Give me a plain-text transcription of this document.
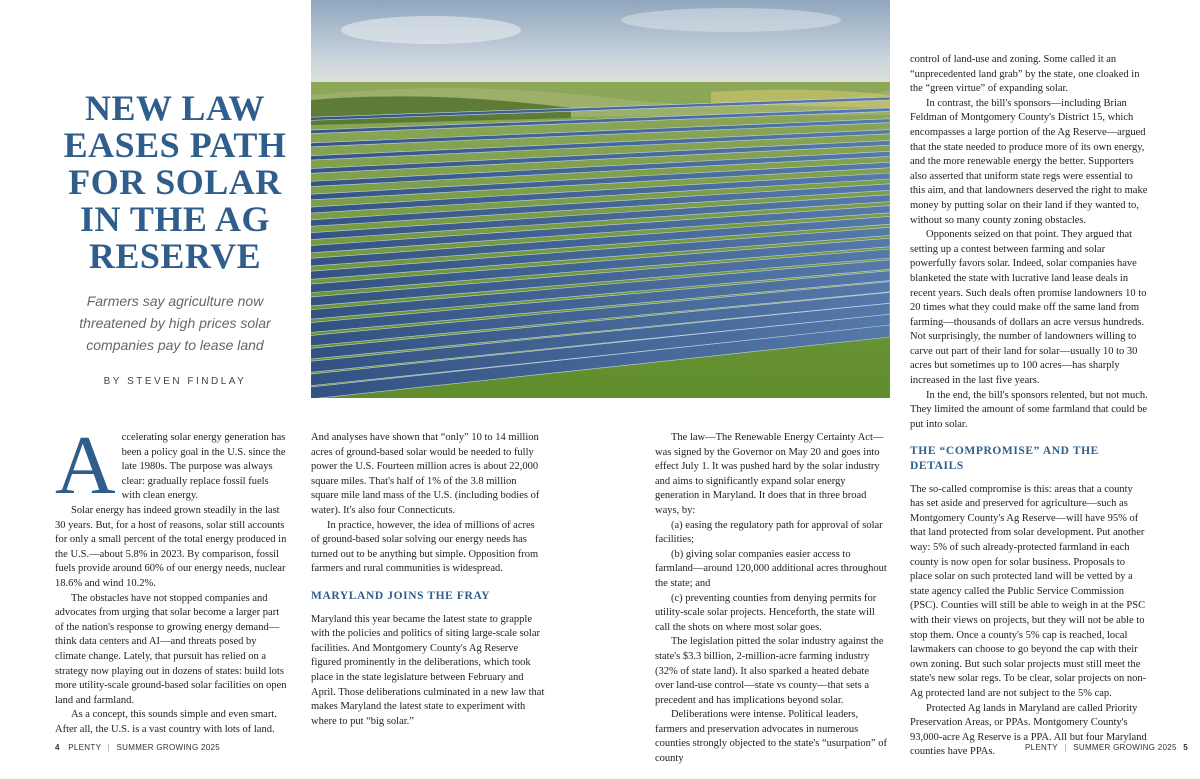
NEW LAW EASES PATH FOR SOLAR IN THE AG RESERVE

Farmers say agriculture now threatened by high prices solar companies pay to lease land

BY STEVEN FINDLAY

A ccelerating solar energy generation has been a policy goal in the U.S. since the late 1980s. The purpose was always clear: gradually replace fossil fuels with clean energy.

Solar energy has indeed grown steadily in the last 30 years. But, for a host of reasons, solar still accounts for only a small percent of the total energy produced in the U.S.—about 5.8% in 2023. By comparison, fossil fuels provide around 60% of our energy needs, nuclear 18.6% and wind 10.2%.

The obstacles have not stopped companies and advocates from urging that solar become a larger part of the nation's response to growing energy demand—think data centers and AI—and threats posed by climate change. Lately, that pursuit has relied on a strategy now playing out in dozens of states: build lots more utility-scale ground-based solar facilities on open land and farmland.

As a concept, this sounds simple and even smart. After all, the U.S. is a vast country with lots of land.

And analyses have shown that “only” 10 to 14 million acres of ground-based solar would be needed to fully power the U.S. Fourteen million acres is about 22,000 square miles. That's half of 1% of the 3.8 million square mile land mass of the U.S. (including bodies of water). It's also four Connecticuts.

In practice, however, the idea of millions of acres of ground-based solar solving our energy needs has turned out to be anything but simple. Opposition from farmers and rural communities is widespread.

MARYLAND JOINS THE FRAY

Maryland this year became the latest state to grapple with the policies and politics of siting large-scale solar facilities. And Montgomery County's Ag Reserve figured prominently in the deliberations, which took place in the state legislature between February and April. Those deliberations culminated in a new law that makes Maryland the latest state to experiment with where to put “big solar.”

The law—The Renewable Energy Certainty Act—was signed by the Governor on May 20 and goes into effect July 1. It was pushed hard by the solar industry and aims to significantly expand solar energy generation in Maryland. It does that in three broad ways, by:

(a) easing the regulatory path for approval of solar facilities;

(b) giving solar companies easier access to farmland—around 120,000 additional acres throughout the state; and

(c) preventing counties from denying permits for utility-scale solar projects. Henceforth, the state will call the shots on where most solar goes.

The legislation pitted the solar industry against the state's $3.3 billion, 2-million-acre farming industry (32% of state land). It also sparked a heated debate over land-use control—state vs county—that sets a precedent and has implications beyond solar.

Deliberations were intense. Political leaders, farmers and preservation advocates in numerous counties strongly objected to the state's “usurpation” of county

control of land-use and zoning. Some called it an “unprecedented land grab” by the state, one cloaked in the “green virtue” of expanding solar.

In contrast, the bill's sponsors—including Brian Feldman of Montgomery County's District 15, which encompasses a large portion of the Ag Reserve—argued that the state needed to produce more of its own energy, and the more renewable energy the better. Supporters also asserted that uniform state regs were essential to this aim, and that landowners deserved the right to make money by putting solar on their land if they wanted to, without so many county zoning obstacles.

Opponents seized on that point. They argued that setting up a contest between farming and solar powerfully favors solar. Indeed, solar companies have blanketed the state with lucrative land lease deals in recent years. Such deals often promise landowners 10 to 20 times what they could make off the same land from farming—thousands of dollars an acre versus hundreds. Not surprisingly, the number of landowners willing to carve out part of their land for solar—usually 10 to 30 acres but sometimes up to 100 acres—has sharply increased in the last five years.

In the end, the bill's sponsors relented, but not much. They limited the amount of some farmland that could be put into solar.

THE “COMPROMISE” AND THE DETAILS

The so-called compromise is this: areas that a county has set aside and preserved for agriculture—such as Montgomery County's Ag Reserve—will have 95% of that land protected from solar development. Put another way: 5% of such already-protected farmland in each county is now open for solar business. Proposals to place solar on such protected land will be vetted by a state agency called the Public Service Commission (PSC). Counties will still be able to weigh in at the PSC with their views on projects, but they will not be able to stop them. Once a county's 5% cap is reached, local lawmakers can choose to go beyond the cap with their own zoning. But such solar projects must still meet the state's new solar regs. To be clear, solar projects on non-Ag protected land are not subject to the 5% cap.

Protected Ag lands in Maryland are called Priority Preservation Areas, or PPAs. Montgomery County's 93,000-acre Ag Reserve is a PPA. All but four Maryland counties have PPAs.

4 PLENTY | SUMMER GROWING 2025	PLENTY | SUMMER GROWING 2025 5
